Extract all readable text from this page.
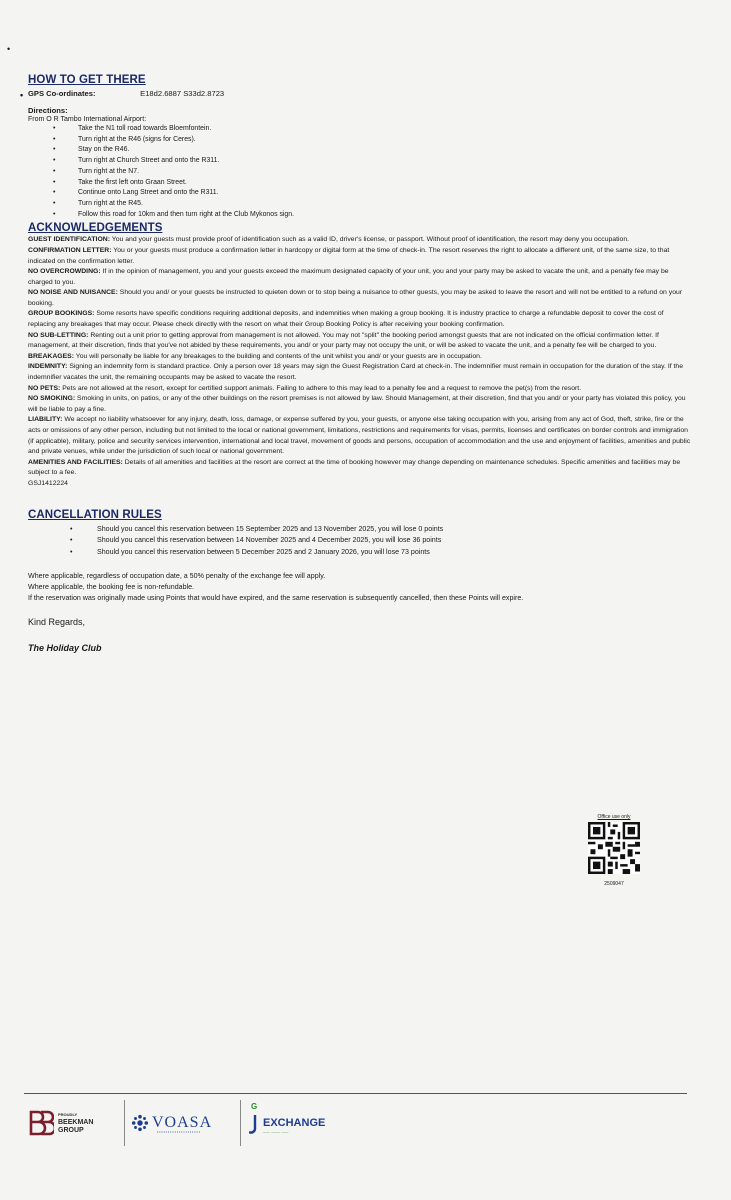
•
HOW TO GET THERE
• GPS Co-ordinates:	E18d2.6887 S33d2.8723
Directions:
From O R Tambo International Airport:
• Take the N1 toll road towards Bloemfontein.
• Turn right at the R46 (signs for Ceres).
• Stay on the R46.
• Turn right at Church Street and onto the R311.
• Turn right at the N7.
• Take the first left onto Graan Street.
• Continue onto Lang Street and onto the R311.
• Turn right at the R45.
• Follow this road for 10km and then turn right at the Club Mykonos sign.
ACKNOWLEDGEMENTS
GUEST IDENTIFICATION: You and your guests must provide proof of identification such as a valid ID, driver's license, or passport. Without proof of identification, the resort may deny you occupation.
CONFIRMATION LETTER: You or your guests must produce a confirmation letter in hardcopy or digital form at the time of check-in. The resort reserves the right to allocate a different unit, of the same size, to that indicated on the confirmation letter.
NO OVERCROWDING: If in the opinion of management, you and your guests exceed the maximum designated capacity of your unit, you and your party may be asked to vacate the unit, and a penalty fee may be charged to you.
NO NOISE AND NUISANCE: Should you and/ or your guests be instructed to quieten down or to stop being a nuisance to other guests, you may be asked to leave the resort and will not be entitled to a refund on your booking.
GROUP BOOKINGS: Some resorts have specific conditions requiring additional deposits, and indemnities when making a group booking. It is industry practice to charge a refundable deposit to cover the cost of replacing any breakages that may occur. Please check directly with the resort on what their Group Booking Policy is after receiving your booking confirmation.
NO SUB-LETTING: Renting out a unit prior to getting approval from management is not allowed. You may not "split" the booking period amongst guests that are not indicated on the official confirmation letter. If management, at their discretion, finds that you've not abided by these requirements, you and/ or your party may not occupy the unit, or will be asked to vacate the unit, and a penalty fee will be charged to you.
BREAKAGES: You will personally be liable for any breakages to the building and contents of the unit whilst you and/ or your guests are in occupation.
INDEMNITY: Signing an indemnity form is standard practice. Only a person over 18 years may sign the Guest Registration Card at check-in. The indemnifier must remain in occupation for the duration of the stay. If the indemnifier vacates the unit, the remaining occupants may be asked to vacate the resort.
NO PETS: Pets are not allowed at the resort, except for certified support animals. Failing to adhere to this may lead to a penalty fee and a request to remove the pet(s) from the resort.
NO SMOKING: Smoking in units, on patios, or any of the other buildings on the resort premises is not allowed by law. Should Management, at their discretion, find that you and/ or your party has violated this policy, you will be liable to pay a fine.
LIABILITY: We accept no liability whatsoever for any injury, death, loss, damage, or expense suffered by you, your guests, or anyone else taking occupation with you, arising from any act of God, theft, strike, fire or the acts or omissions of any other person, including but not limited to the local or national government, limitations, restrictions and requirements for visas, permits, licenses and certificates on border controls and immigration (if applicable), military, police and security services intervention, international and local travel, movement of goods and persons, occupation of accommodation and the use and enjoyment of facilities, amenities and public and private venues, while under the jurisdiction of such local or national government.
AMENITIES AND FACILITIES: Details of all amenities and facilities at the resort are correct at the time of booking however may change depending on maintenance schedules. Specific amenities and facilities may be subject to a fee.

GSJ1412224
CANCELLATION RULES
• Should you cancel this reservation between 15 September 2025 and 13 November 2025, you will lose 0 points
• Should you cancel this reservation between 14 November 2025 and 4 December 2025, you will lose 36 points
• Should you cancel this reservation between 5 December 2025 and 2 January 2026, you will lose 73 points
Where applicable, regardless of occupation date, a 50% penalty of the exchange fee will apply.
Where applicable, the booking fee is non-refundable.
If the reservation was originally made using Points that would have expired, and the same reservation is subsequently cancelled, then these Points will expire.
Kind Regards,
The Holiday Club
Office use only
2509047
PROUDLY
BEEKMAN
GROUP	VOASA
• • • • • • • • • • • • • • • • • • • •
G
EXCHANGE
~~~ ~~~~ ~~~
